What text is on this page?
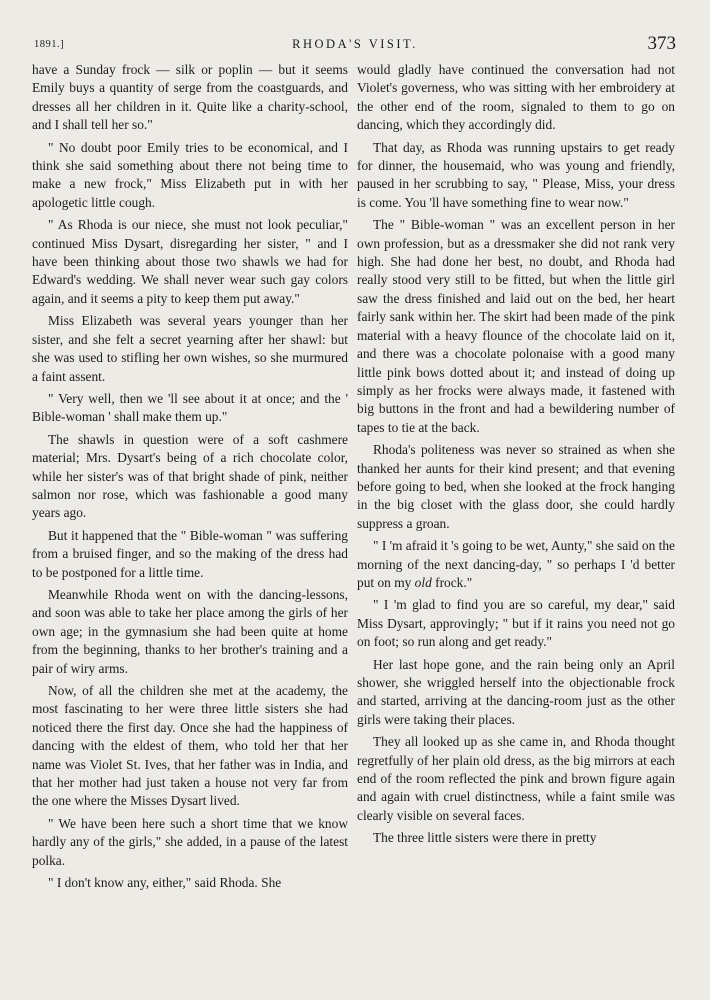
1891.]	RHODA'S VISIT.	373

have a Sunday frock — silk or poplin — but it seems Emily buys a quantity of serge from the coastguards, and dresses all her children in it. Quite like a charity-school, and I shall tell her so."

" No doubt poor Emily tries to be economical, and I think she said something about there not being time to make a new frock," Miss Elizabeth put in with her apologetic little cough.

" As Rhoda is our niece, she must not look peculiar," continued Miss Dysart, disregarding her sister, " and I have been thinking about those two shawls we had for Edward's wedding. We shall never wear such gay colors again, and it seems a pity to keep them put away."

Miss Elizabeth was several years younger than her sister, and she felt a secret yearning after her shawl: but she was used to stifling her own wishes, so she murmured a faint assent.

" Very well, then we 'll see about it at once; and the ' Bible-woman ' shall make them up."

The shawls in question were of a soft cashmere material; Mrs. Dysart's being of a rich chocolate color, while her sister's was of that bright shade of pink, neither salmon nor rose, which was fashionable a good many years ago.

But it happened that the " Bible-woman " was suffering from a bruised finger, and so the making of the dress had to be postponed for a little time.

Meanwhile Rhoda went on with the dancing-lessons, and soon was able to take her place among the girls of her own age; in the gymnasium she had been quite at home from the beginning, thanks to her brother's training and a pair of wiry arms.

Now, of all the children she met at the academy, the most fascinating to her were three little sisters she had noticed there the first day. Once she had the happiness of dancing with the eldest of them, who told her that her name was Violet St. Ives, that her father was in India, and that her mother had just taken a house not very far from the one where the Misses Dysart lived.

" We have been here such a short time that we know hardly any of the girls," she added, in a pause of the latest polka.

" I don't know any, either," said Rhoda. She

would gladly have continued the conversation had not Violet's governess, who was sitting with her embroidery at the other end of the room, signaled to them to go on dancing, which they accordingly did.

That day, as Rhoda was running upstairs to get ready for dinner, the housemaid, who was young and friendly, paused in her scrubbing to say, " Please, Miss, your dress is come. You 'll have something fine to wear now."

The " Bible-woman " was an excellent person in her own profession, but as a dressmaker she did not rank very high. She had done her best, no doubt, and Rhoda had really stood very still to be fitted, but when the little girl saw the dress finished and laid out on the bed, her heart fairly sank within her. The skirt had been made of the pink material with a heavy flounce of the chocolate laid on it, and there was a chocolate polonaise with a good many little pink bows dotted about it; and instead of doing up simply as her frocks were always made, it fastened with big buttons in the front and had a bewildering number of tapes to tie at the back.

Rhoda's politeness was never so strained as when she thanked her aunts for their kind present; and that evening before going to bed, when she looked at the frock hanging in the big closet with the glass door, she could hardly suppress a groan.

" I 'm afraid it 's going to be wet, Aunty," she said on the morning of the next dancing-day, " so perhaps I 'd better put on my old frock."

" I 'm glad to find you are so careful, my dear," said Miss Dysart, approvingly; " but if it rains you need not go on foot; so run along and get ready."

Her last hope gone, and the rain being only an April shower, she wriggled herself into the objectionable frock and started, arriving at the dancing-room just as the other girls were taking their places.

They all looked up as she came in, and Rhoda thought regretfully of her plain old dress, as the big mirrors at each end of the room reflected the pink and brown figure again and again with cruel distinctness, while a faint smile was clearly visible on several faces.

The three little sisters were there in pretty
